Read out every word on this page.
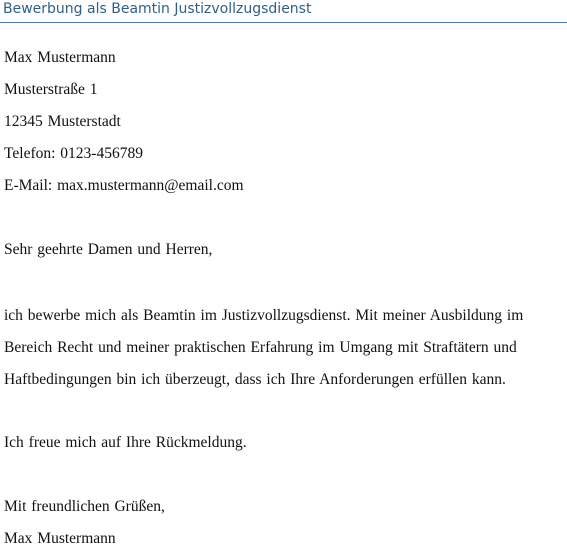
Bewerbung als Beamtin Justizvollzugsdienst
Max Mustermann
Musterstraße 1
12345 Musterstadt
Telefon: 0123-456789
E-Mail: max.mustermann@email.com
Sehr geehrte Damen und Herren,
ich bewerbe mich als Beamtin im Justizvollzugsdienst. Mit meiner Ausbildung im
Bereich Recht und meiner praktischen Erfahrung im Umgang mit Straftätern und
Haftbedingungen bin ich überzeugt, dass ich Ihre Anforderungen erfüllen kann.
Ich freue mich auf Ihre Rückmeldung.
Mit freundlichen Grüßen,
Max Mustermann
